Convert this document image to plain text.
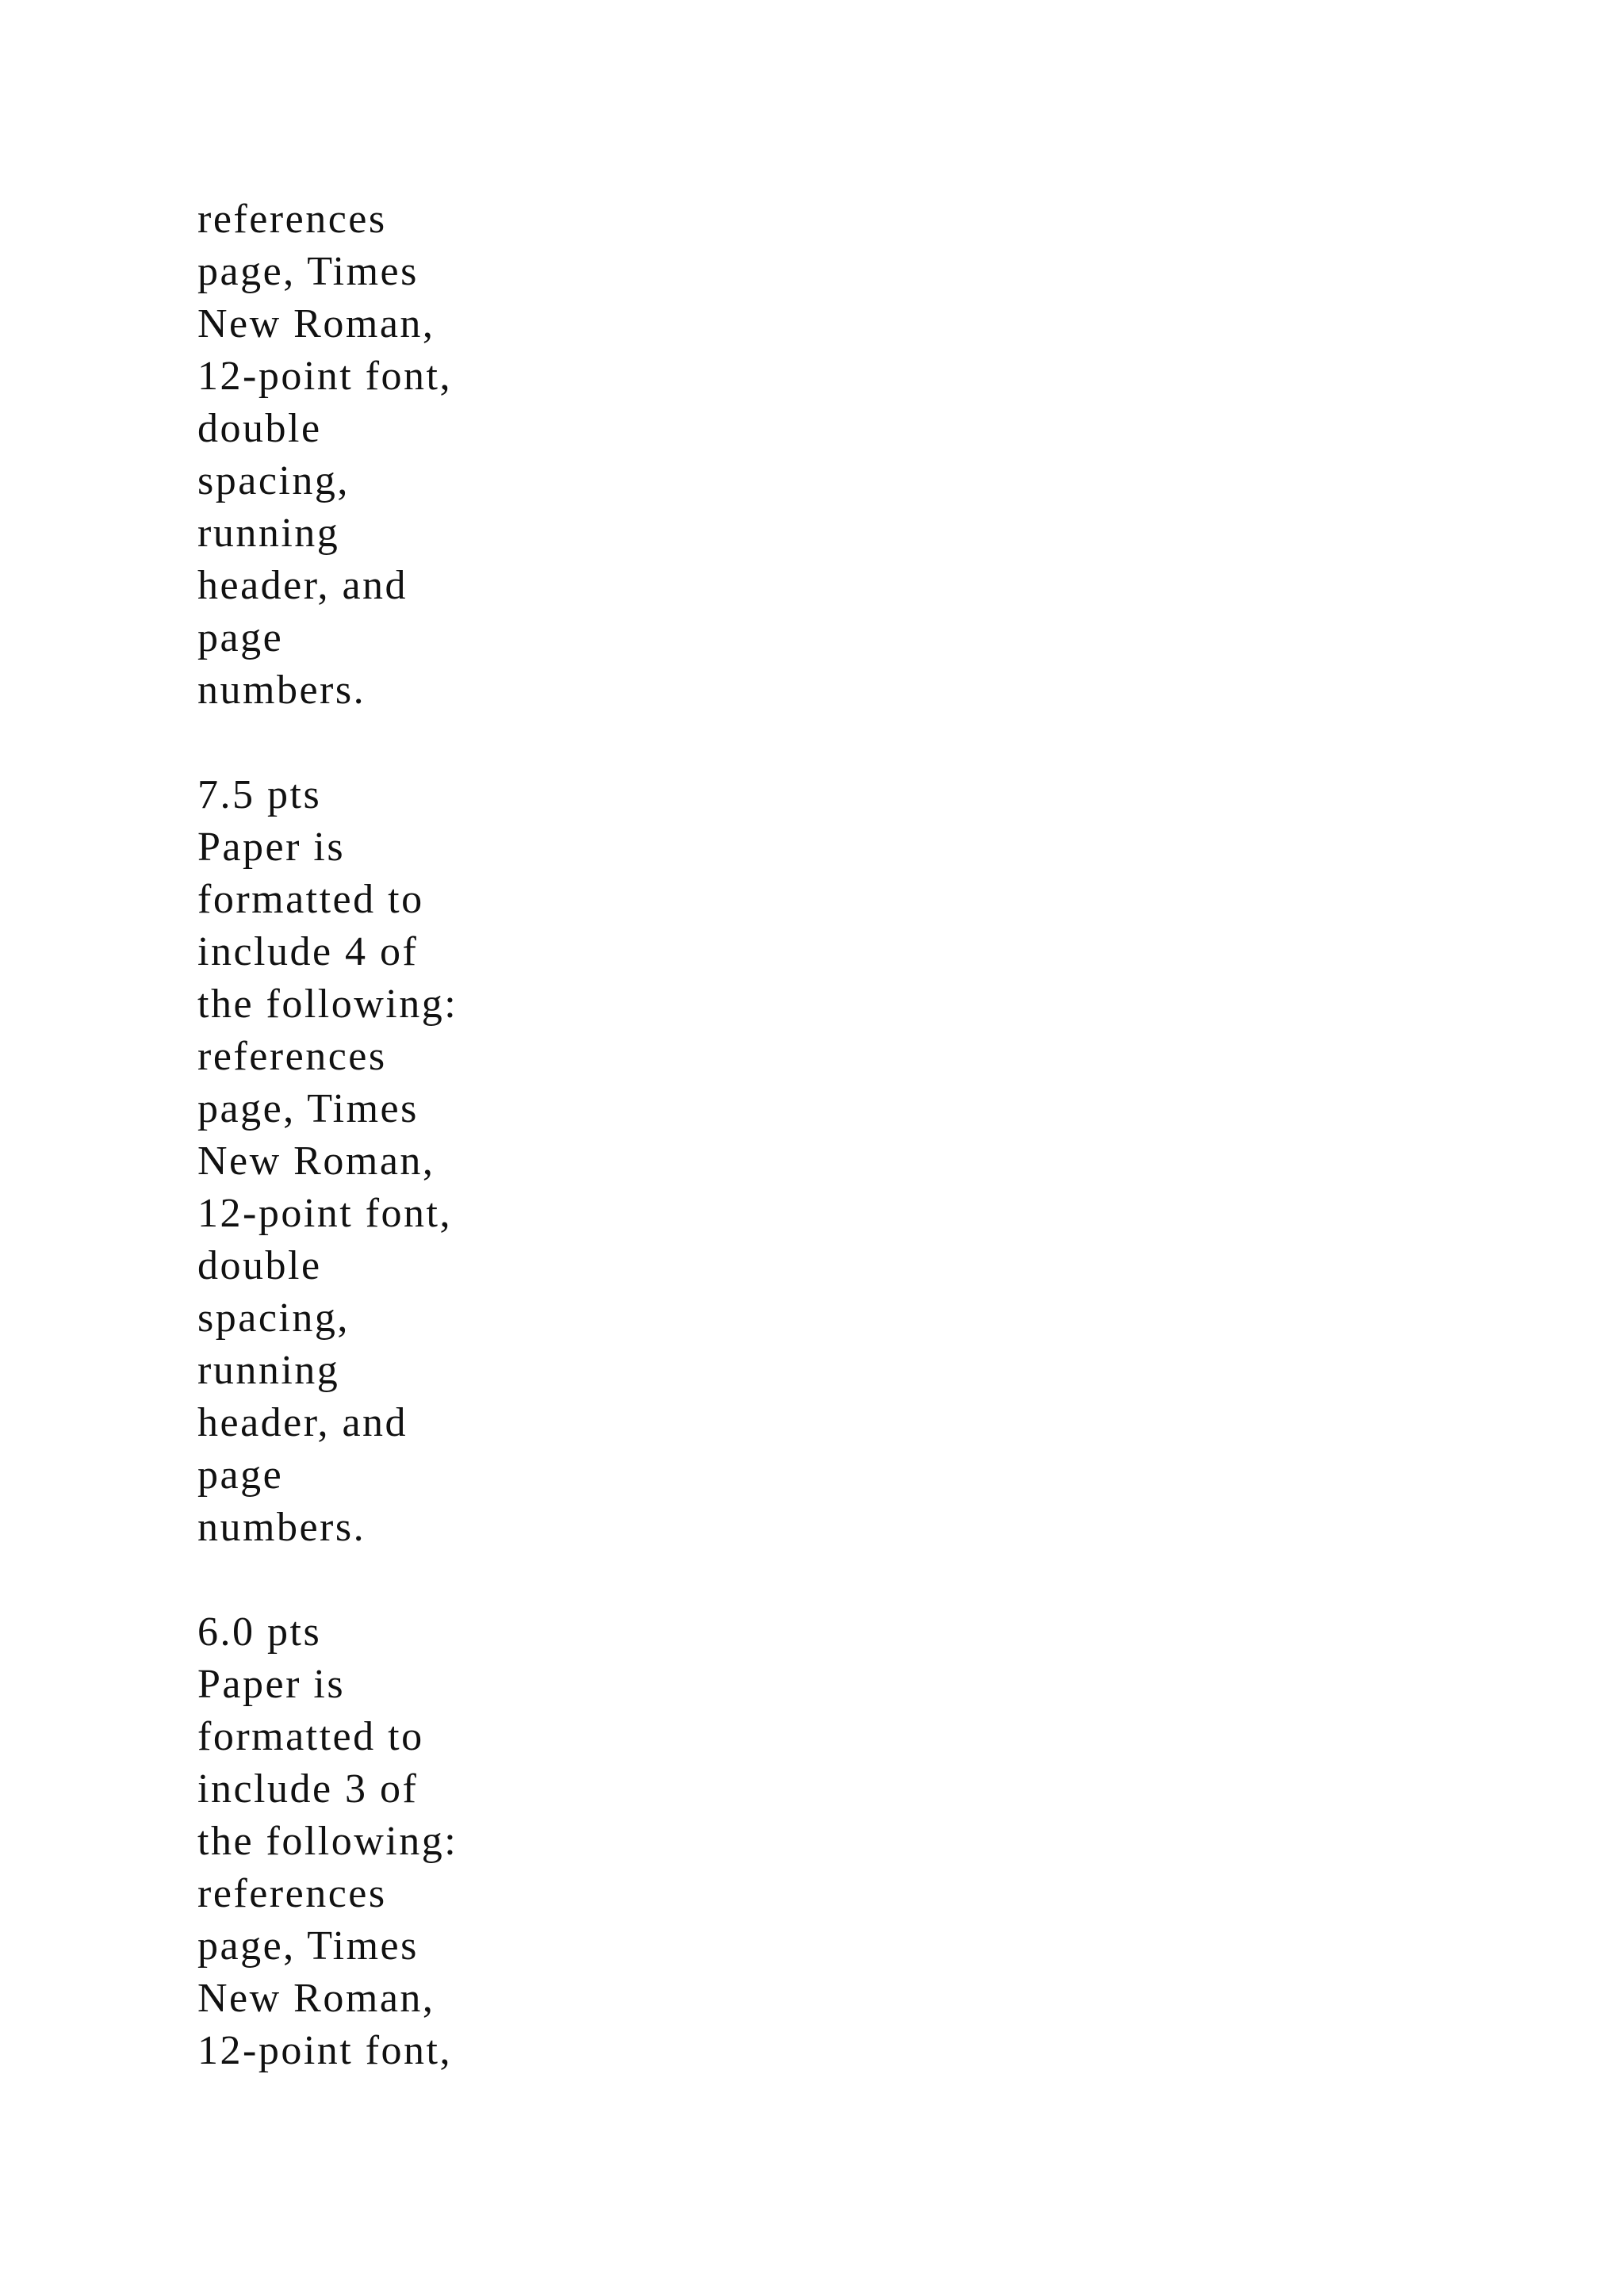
references
page, Times
New Roman,
12-point font,
double
spacing,
running
header, and
page
numbers.
7.5 pts
Paper is
formatted to
include 4 of
the following:
references
page, Times
New Roman,
12-point font,
double
spacing,
running
header, and
page
numbers.
6.0 pts
Paper is
formatted to
include 3 of
the following:
references
page, Times
New Roman,
12-point font,
